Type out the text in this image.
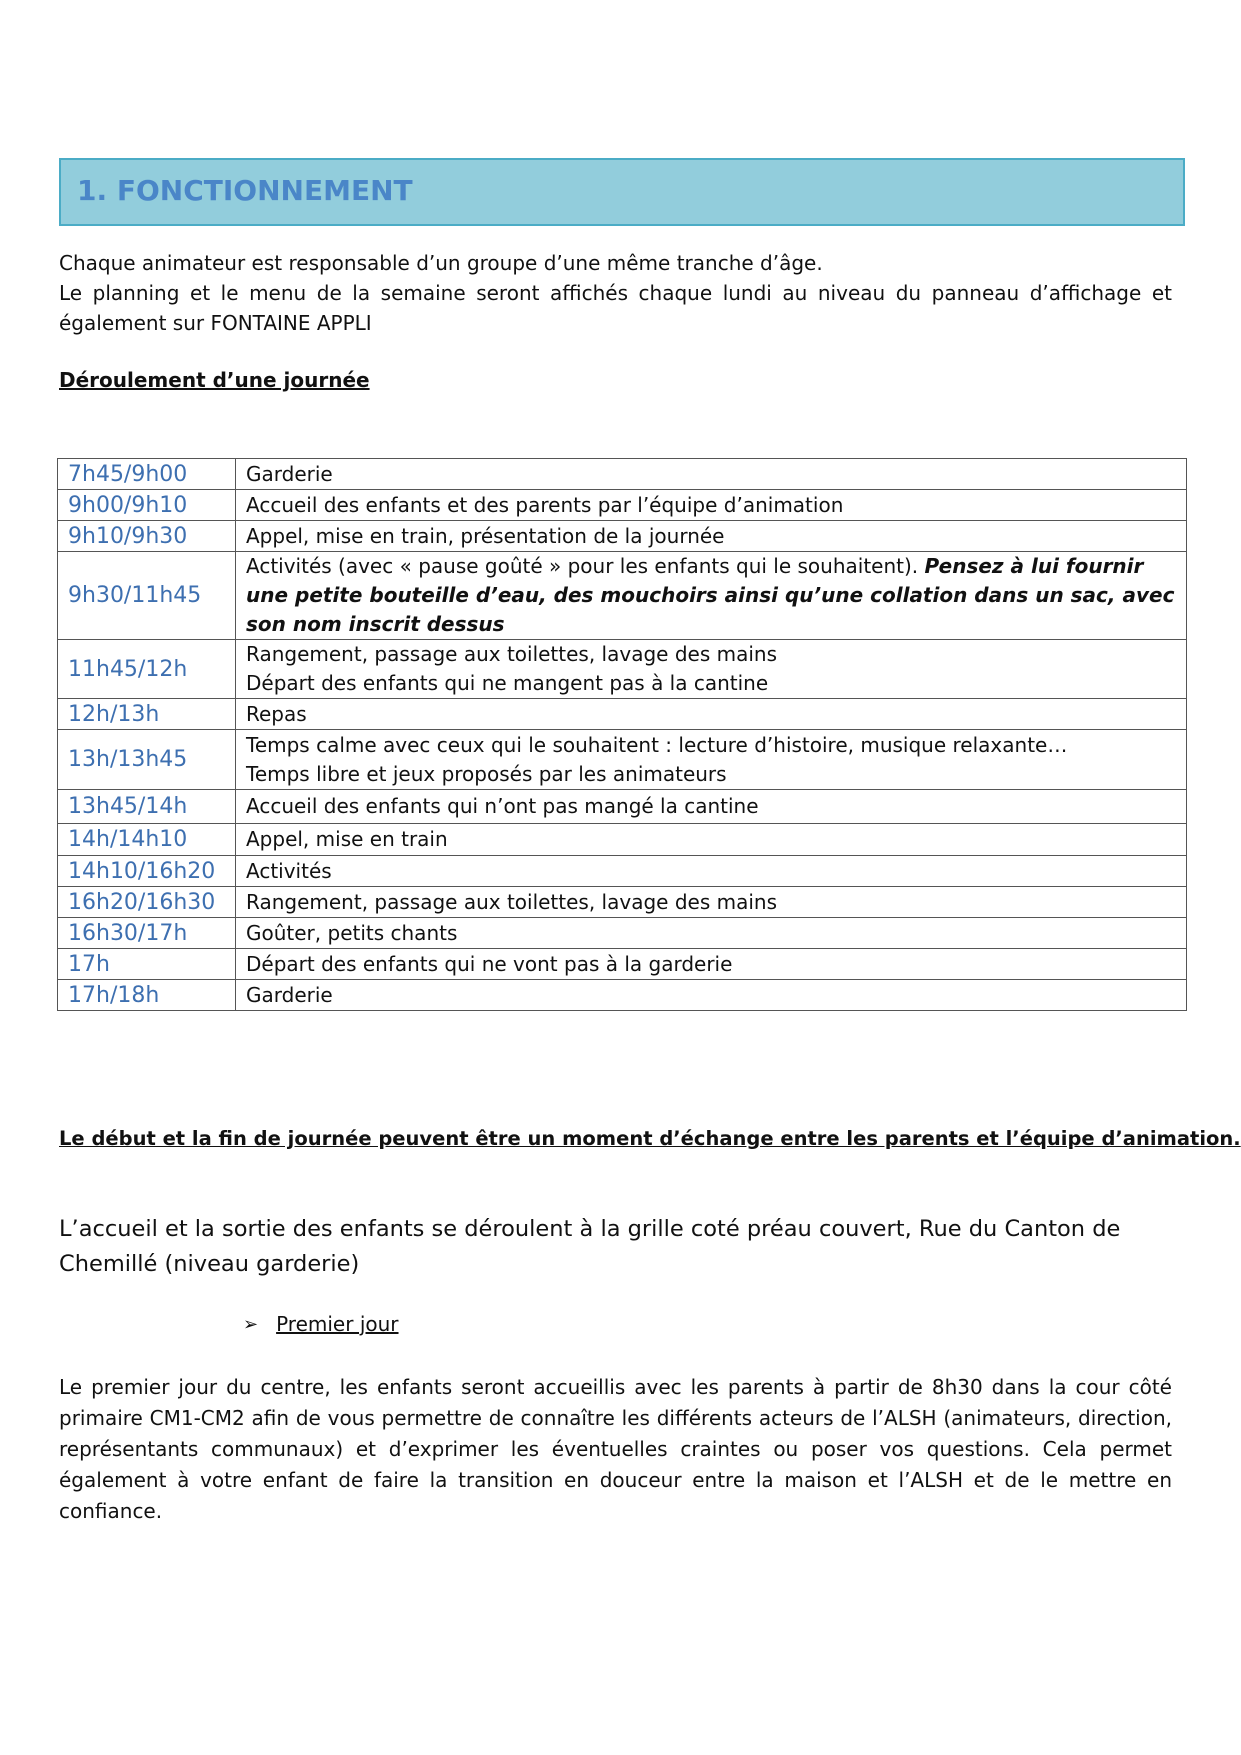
1. FONCTIONNEMENT

Chaque animateur est responsable d’un groupe d’une même tranche d’âge.

Le planning et le menu de la semaine seront affichés chaque lundi au niveau du panneau d’affichage et également sur FONTAINE APPLI

Déroulement d’une journée
7h45/9h00	Garderie

9h00/9h10	Accueil des enfants et des parents par l’équipe d’animation

9h10/9h30	Appel, mise en train, présentation de la journée

9h30/11h45	Activités (avec « pause goûté » pour les enfants qui le souhaitent). Pensez à lui fournir une petite bouteille d’eau, des mouchoirs ainsi qu’une collation dans un sac, avec son nom inscrit dessus
11h45/12h	Rangement, passage aux toilettes, lavage des mains
Départ des enfants qui ne mangent pas à la cantine

12h/13h	Repas

13h/13h45	Temps calme avec ceux qui le souhaitent : lecture d’histoire, musique relaxante…
Temps libre et jeux proposés par les animateurs

13h45/14h	Accueil des enfants qui n’ont pas mangé la cantine

14h/14h10	Appel, mise en train

14h10/16h20	Activités

16h20/16h30	Rangement, passage aux toilettes, lavage des mains

16h30/17h	Goûter, petits chants

17h	Départ des enfants qui ne vont pas à la garderie

17h/18h	Garderie
Le début et la fin de journée peuvent être un moment d’échange entre les parents et l’équipe d’animation.
L’accueil et la sortie des enfants se déroulent à la grille coté préau couvert, Rue du Canton de Chemillé (niveau garderie)
➢ Premier jour
Le premier jour du centre, les enfants seront accueillis avec les parents à partir de 8h30 dans la cour côté primaire CM1-CM2 afin de vous permettre de connaître les différents acteurs de l’ALSH (animateurs, direction, représentants communaux) et d’exprimer les éventuelles craintes ou poser vos questions. Cela permet également à votre enfant de faire la transition en douceur entre la maison et l’ALSH et de le mettre en confiance.
